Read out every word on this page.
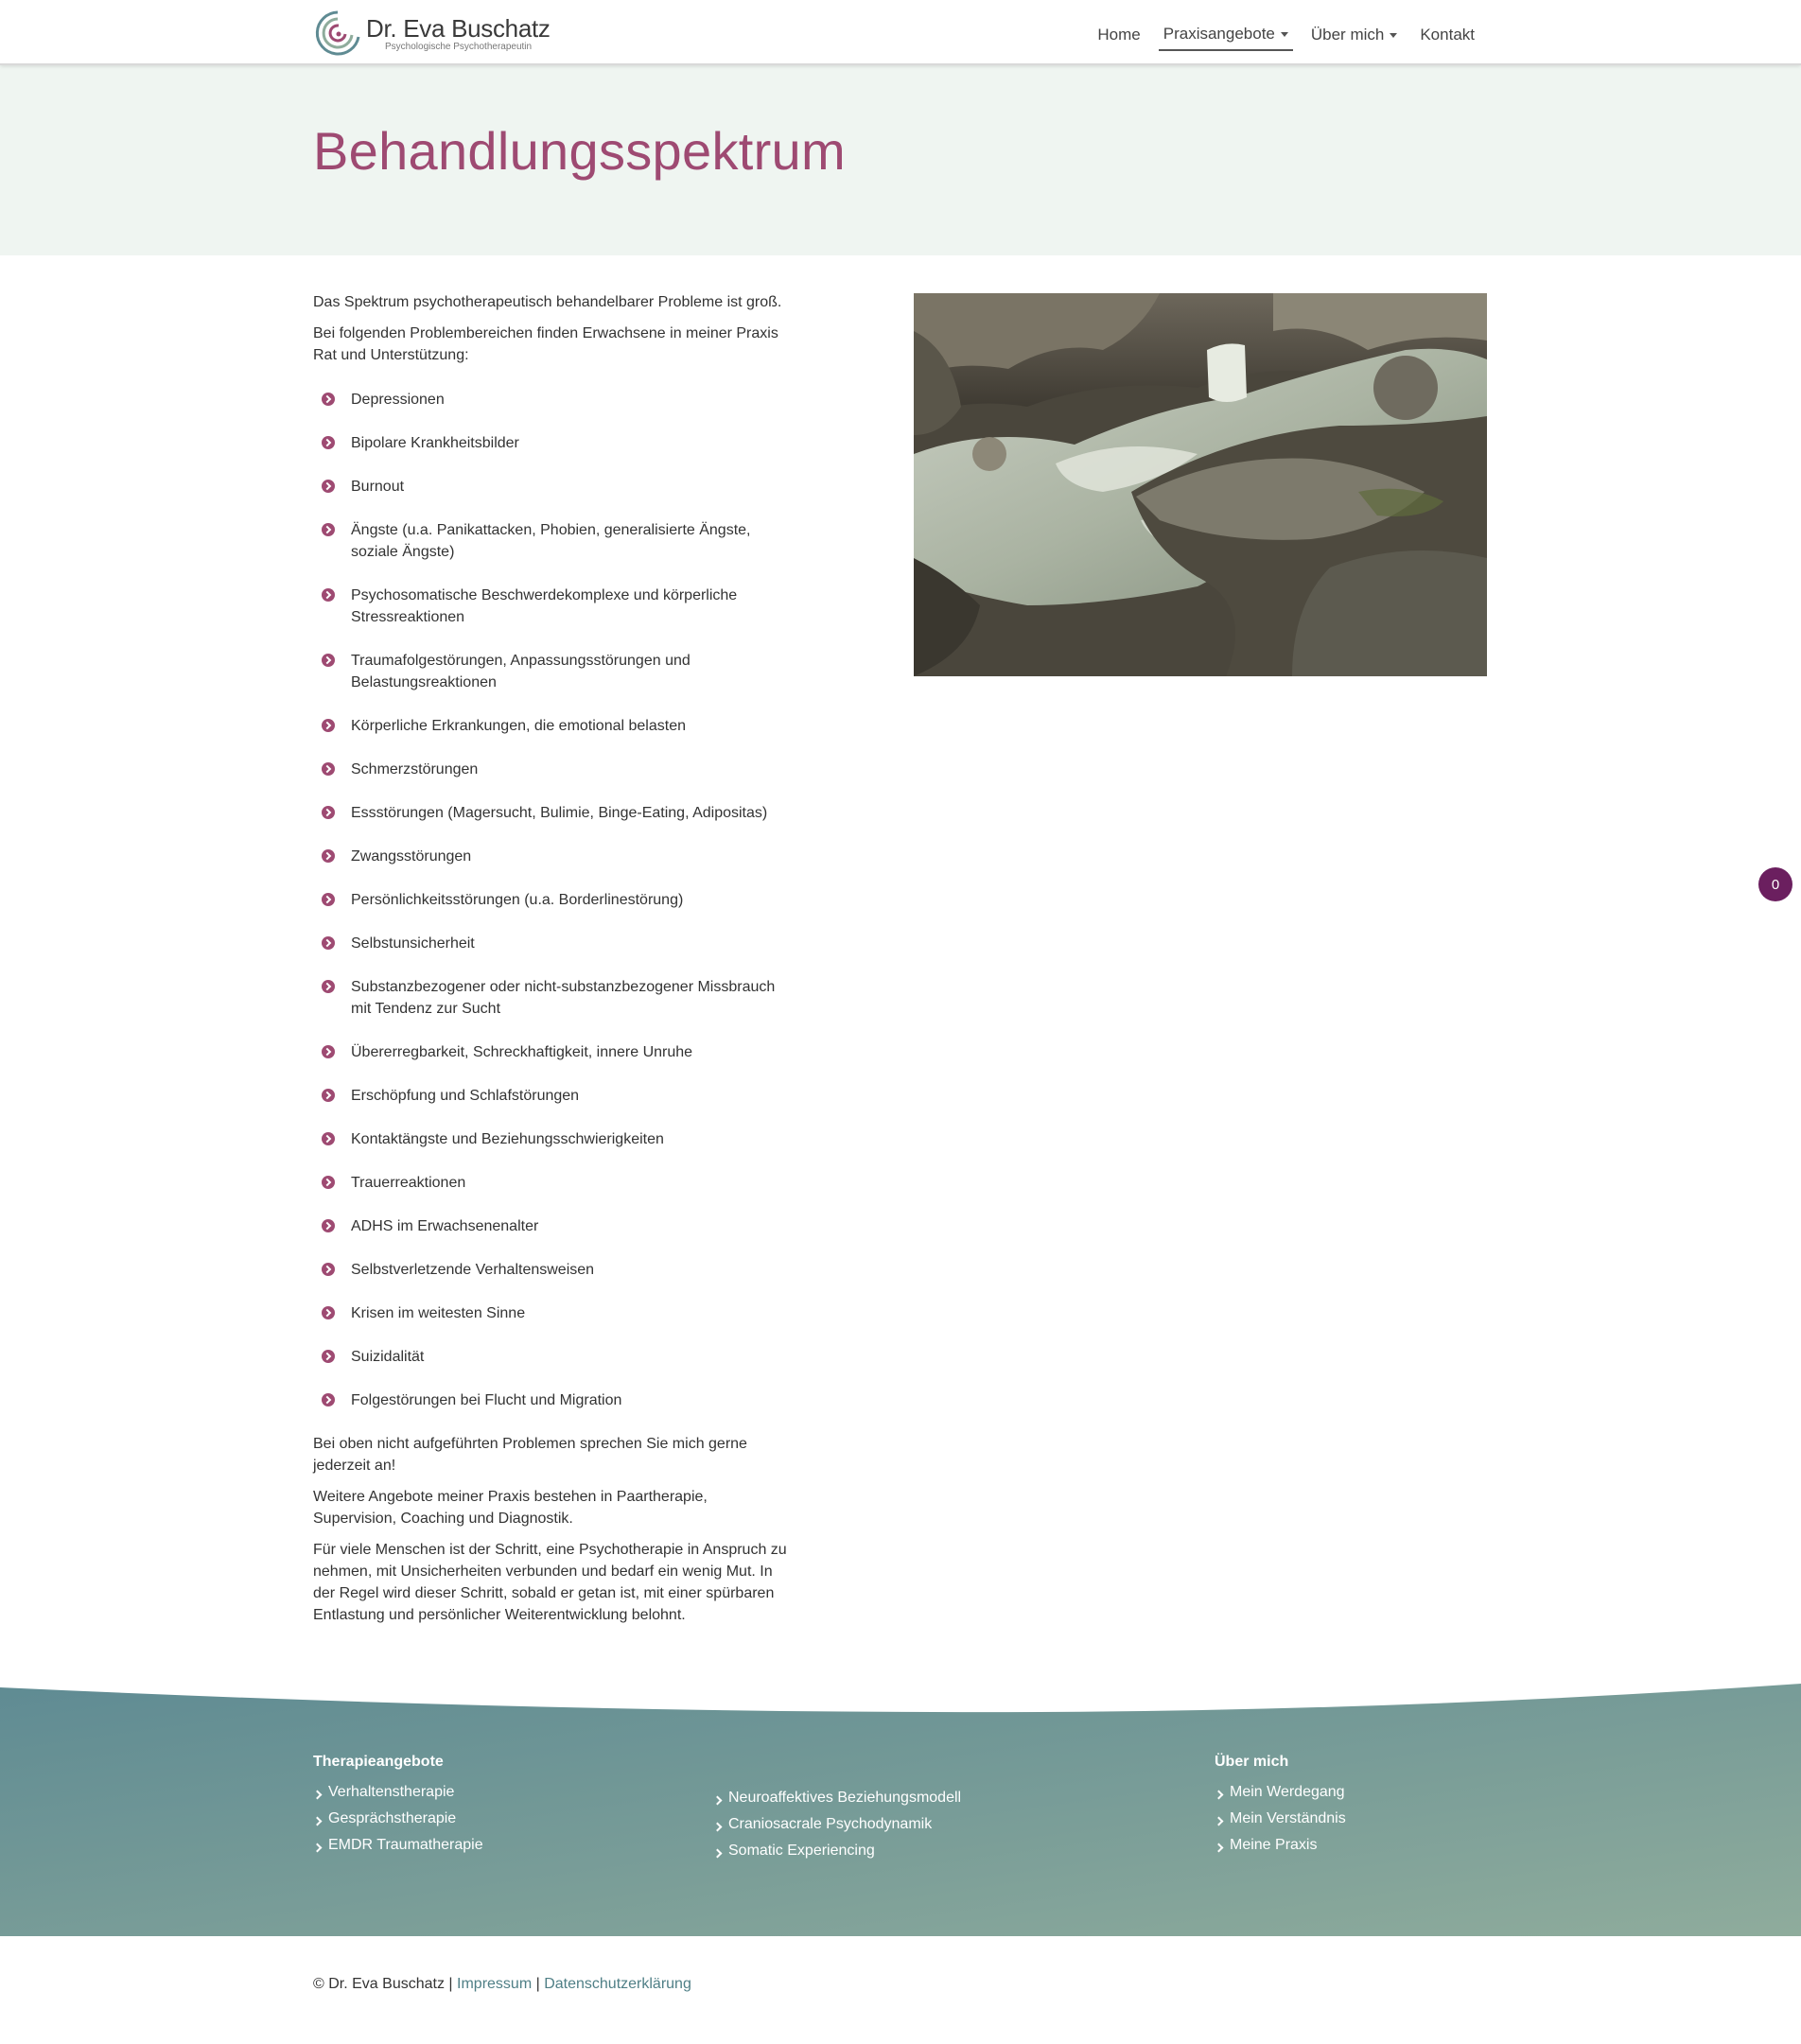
Dr. Eva Buschatz
Psychologische Psychotherapeutin
Home Praxisangebote Über mich Kontakt
Behandlungsspektrum

Das Spektrum psychotherapeutisch behandelbarer Probleme ist groß.

Bei folgenden Problembereichen finden Erwachsene in meiner Praxis Rat und Unterstützung:

Depressionen
Bipolare Krankheitsbilder
Burnout
Ängste (u.a. Panikattacken, Phobien, generalisierte Ängste, soziale Ängste)
Psychosomatische Beschwerdekomplexe und körperliche Stressreaktionen
Traumafolgestörungen, Anpassungsstörungen und Belastungsreaktionen
Körperliche Erkrankungen, die emotional belasten
Schmerzstörungen
Essstörungen (Magersucht, Bulimie, Binge-Eating, Adipositas)
Zwangsstörungen
Persönlichkeitsstörungen (u.a. Borderlinestörung)
Selbstunsicherheit
Substanzbezogener oder nicht-substanzbezogener Missbrauch mit Tendenz zur Sucht
Übererregbarkeit, Schreckhaftigkeit, innere Unruhe
Erschöpfung und Schlafstörungen
Kontaktängste und Beziehungsschwierigkeiten
Trauerreaktionen
ADHS im Erwachsenenalter
Selbstverletzende Verhaltensweisen
Krisen im weitesten Sinne
Suizidalität
Folgestörungen bei Flucht und Migration

Bei oben nicht aufgeführten Problemen sprechen Sie mich gerne jederzeit an!

Weitere Angebote meiner Praxis bestehen in Paartherapie, Supervision, Coaching und Diagnostik.

Für viele Menschen ist der Schritt, eine Psychotherapie in Anspruch zu nehmen, mit Unsicherheiten verbunden und bedarf ein wenig Mut. In der Regel wird dieser Schritt, sobald er getan ist, mit einer spürbaren Entlastung und persönlicher Weiterentwicklung belohnt.

0
Therapieangebote
Verhaltenstherapie
Gesprächstherapie
EMDR Traumatherapie
Neuroaffektives Beziehungsmodell
Craniosacrale Psychodynamik
Somatic Experiencing
Über mich
Mein Werdegang
Mein Verständnis
Meine Praxis
© Dr. Eva Buschatz | Impressum | Datenschutzerklärung
